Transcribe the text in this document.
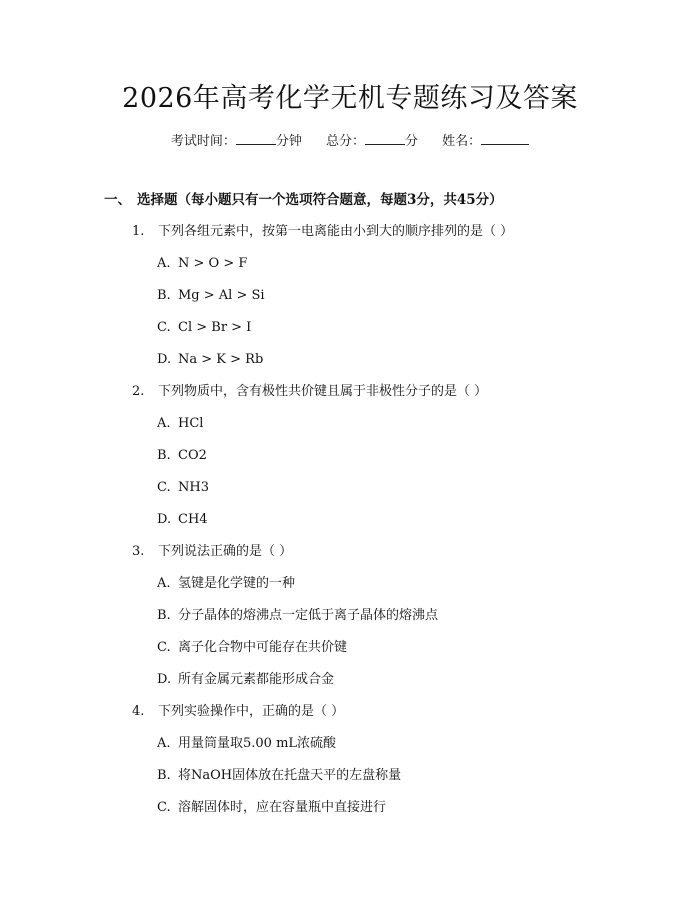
2026年高考化学无机专题练习及答案
考试时间：	分钟 总分：	分 姓名：
一、 选择题（每小题只有一个选项符合题意，每题3分，共45分）
1. 下列各组元素中，按第一电离能由小到大的顺序排列的是（ ）
A. N > O > F
B. Mg > Al > Si
C. Cl > Br > I
D. Na > K > Rb
2. 下列物质中，含有极性共价键且属于非极性分子的是（ ）
A. HCl
B. CO2
C. NH3
D. CH4
3. 下列说法正确的是（ ）
A. 氢键是化学键的一种
B. 分子晶体的熔沸点一定低于离子晶体的熔沸点
C. 离子化合物中可能存在共价键
D. 所有金属元素都能形成合金
4. 下列实验操作中，正确的是（ ）
A. 用量筒量取5.00 mL浓硫酸
B. 将NaOH固体放在托盘天平的左盘称量
C. 溶解固体时，应在容量瓶中直接进行
